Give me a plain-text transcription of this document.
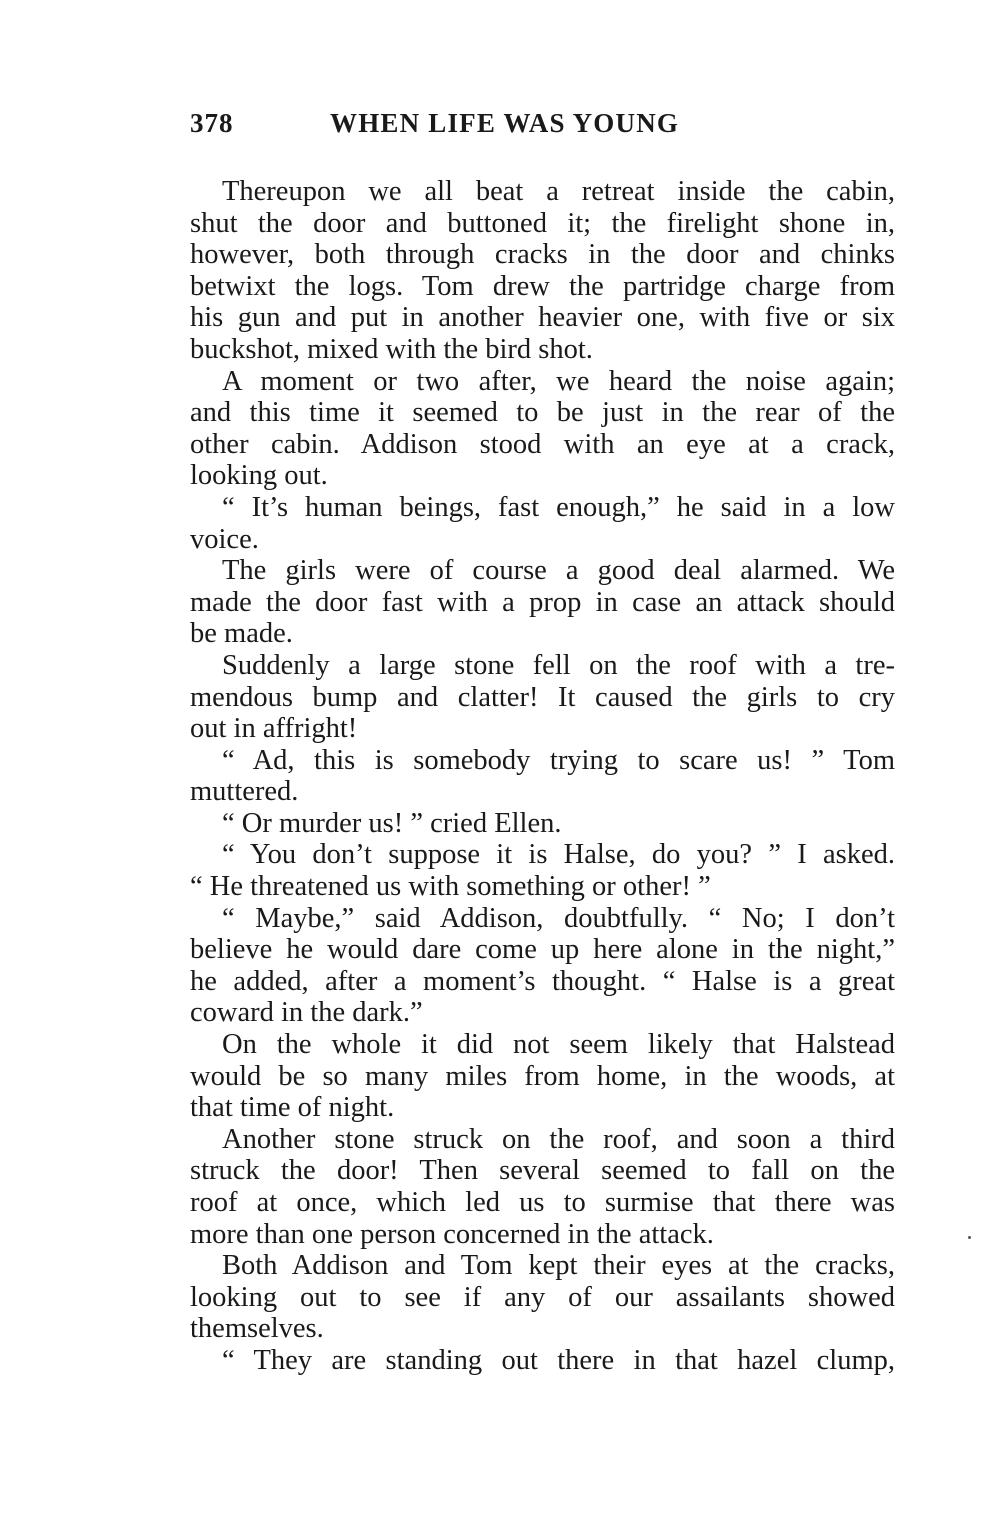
378	WHEN LIFE WAS YOUNG
Thereupon we all beat a retreat inside the cabin,
shut the door and buttoned it; the firelight shone in,
however, both through cracks in the door and chinks
betwixt the logs. Tom drew the partridge charge from
his gun and put in another heavier one, with five or six
buckshot, mixed with the bird shot.
A moment or two after, we heard the noise again;
and this time it seemed to be just in the rear of the
other cabin. Addison stood with an eye at a crack,
looking out.
“ It’s human beings, fast enough,” he said in a low
voice.
The girls were of course a good deal alarmed. We
made the door fast with a prop in case an attack should
be made.
Suddenly a large stone fell on the roof with a tre-
mendous bump and clatter! It caused the girls to cry
out in affright!
“ Ad, this is somebody trying to scare us! ” Tom
muttered.
“ Or murder us! ” cried Ellen.
“ You don’t suppose it is Halse, do you? ” I asked.
“ He threatened us with something or other! ”
“ Maybe,” said Addison, doubtfully. “ No; I don’t
believe he would dare come up here alone in the night,”
he added, after a moment’s thought. “ Halse is a great
coward in the dark.”
On the whole it did not seem likely that Halstead
would be so many miles from home, in the woods, at
that time of night.
Another stone struck on the roof, and soon a third
struck the door! Then several seemed to fall on the
roof at once, which led us to surmise that there was
more than one person concerned in the attack.
Both Addison and Tom kept their eyes at the cracks,
looking out to see if any of our assailants showed
themselves.
“ They are standing out there in that hazel clump,
